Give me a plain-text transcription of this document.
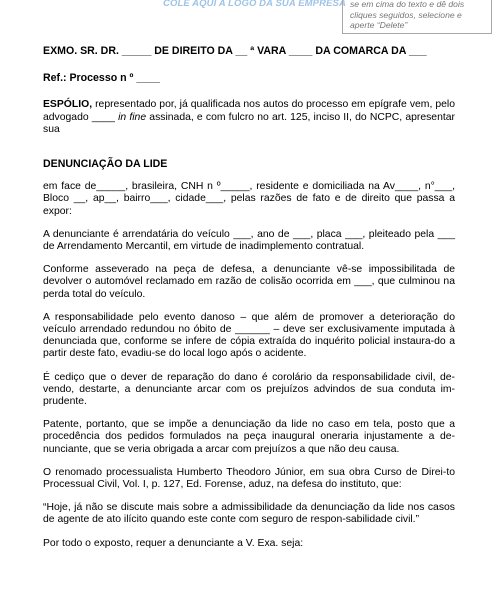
COLE AQUI A LOGO DA SUA EMPRESA se em cima do texto e dê dois cliques seguidos, selecione e aperte “Delete”

EXMO. SR. DR. _____ DE DIREITO DA __ ª VARA ____ DA COMARCA DA ___

Ref.: Processo n º ____

ESPÓLIO, representado por, já qualificada nos autos do processo em epígrafe vem, pelo advogado ____ in fine assinada, e com fulcro no art. 125, inciso II, do NCPC, apresentar sua

DENUNCIAÇÃO DA LIDE

em face de_____, brasileira, CNH n º_____, residente e domiciliada na Av____, n°___, Bloco __, ap__, bairro___, cidade___, pelas razões de fato e de direito que passa a expor:

A denunciante é arrendatária do veículo ___, ano de ___, placa ___, pleiteado pela ___ de Arrendamento Mercantil, em virtude de inadimplemento contratual.

Conforme asseverado na peça de defesa, a denunciante vê-se impossibilitada de devolver o automóvel reclamado em razão de colisão ocorrida em ___, que culminou na perda total do veículo.

A responsabilidade pelo evento danoso – que além de promover a deterioração do veículo arrendado redundou no óbito de ______ – deve ser exclusivamente imputada à denunciada que, conforme se infere de cópia extraída do inquérito policial instaura-do a partir deste fato, evadiu-se do local logo após o acidente.

É cediço que o dever de reparação do dano é corolário da responsabilidade civil, de-vendo, destarte, a denunciante arcar com os prejuízos advindos de sua conduta im-prudente.

Patente, portanto, que se impõe a denunciação da lide no caso em tela, posto que a procedência dos pedidos formulados na peça inaugural oneraria injustamente a de-nunciante, que se veria obrigada a arcar com prejuízos a que não deu causa.

O renomado processualista Humberto Theodoro Júnior, em sua obra Curso de Direi-to Processual Civil, Vol. I, p. 127, Ed. Forense, aduz, na defesa do instituto, que:

“Hoje, já não se discute mais sobre a admissibilidade da denunciação da lide nos casos de agente de ato ilícito quando este conte com seguro de respon-sabilidade civil.”

Por todo o exposto, requer a denunciante a V. Exa. seja:
